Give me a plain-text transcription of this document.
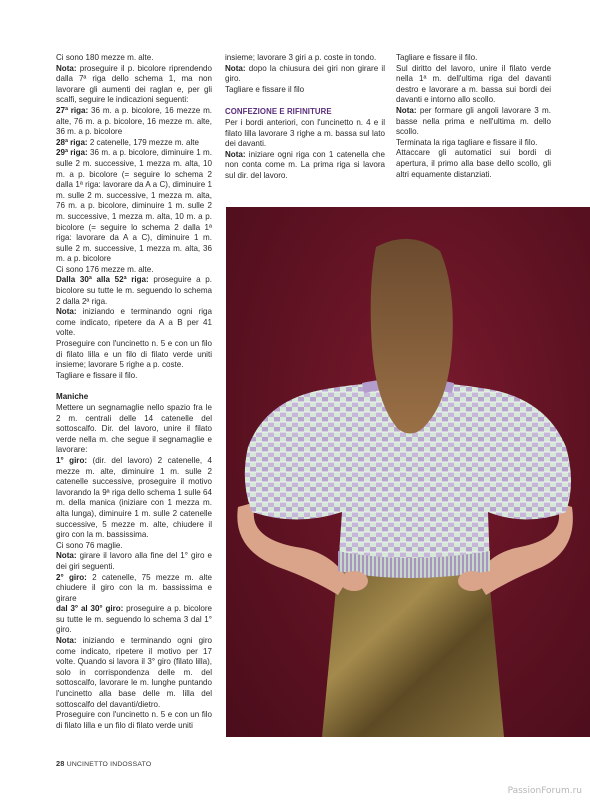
Ci sono 180 mezze m. alte.

Nota: proseguire il p. bicolore riprendendo dalla 7ª riga dello schema 1, ma non lavorare gli aumenti dei raglan e, per gli scalfi, seguire le indicazioni seguenti:

27ª riga: 36 m. a p. bicolore, 16 mezze m. alte, 76 m. a p. bicolore, 16 mezze m. alte, 36 m. a p. bicolore

28ª riga: 2 catenelle, 179 mezze m. alte

29ª riga: 36 m. a p. bicolore, diminuire 1 m. sulle 2 m. successive, 1 mezza m. alta, 10 m. a p. bicolore (= seguire lo schema 2 dalla 1ª riga: lavorare da A a C), diminuire 1 m. sulle 2 m. successive, 1 mezza m. alta, 76 m. a p. bicolore, diminuire 1 m. sulle 2 m. successive, 1 mezza m. alta, 10 m. a p. bicolore (= seguire lo schema 2 dalla 1ª riga: lavorare da A a C), diminuire 1 m. sulle 2 m. successive, 1 mezza m. alta, 36 m. a p. bicolore

Ci sono 176 mezze m. alte.

Dalla 30ª alla 52ª riga: proseguire a p. bicolore su tutte le m. seguendo lo schema 2 dalla 2ª riga.

Nota: iniziando e terminando ogni riga come indicato, ripetere da A a B per 41 volte.

Proseguire con l'uncinetto n. 5 e con un filo di filato lilla e un filo di filato verde uniti insieme; lavorare 5 righe a p. coste.

Tagliare e fissare il filo.

Maniche

Mettere un segnamaglie nello spazio fra le 2 m. centrali delle 14 catenelle del sottoscalfo. Dir. del lavoro, unire il filato verde nella m. che segue il segnamaglie e lavorare:

1° giro: (dir. del lavoro) 2 catenelle, 4 mezze m. alte, diminuire 1 m. sulle 2 catenelle successive, proseguire il motivo lavorando la 9ª riga dello schema 1 sulle 64 m. della manica (iniziare con 1 mezza m. alta lunga), diminuire 1 m. sulle 2 catenelle successive, 5 mezze m. alte, chiudere il giro con la m. bassissima.

Ci sono 76 maglie.

Nota: girare il lavoro alla fine del 1° giro e dei giri seguenti.

2° giro: 2 catenelle, 75 mezze m. alte chiudere il giro con la m. bassissima e girare

dal 3° al 30° giro: proseguire a p. bicolore su tutte le m. seguendo lo schema 3 dal 1° giro.

Nota: iniziando e terminando ogni giro come indicato, ripetere il motivo per 17 volte. Quando si lavora il 3° giro (filato lilla), solo in corrispondenza delle m. del sottoscalfo, lavorare le m. lunghe puntando l'uncinetto alla base delle m. lilla del sottoscalfo del davanti/dietro.

Proseguire con l'uncinetto n. 5 e con un filo di filato lilla e un filo di filato verde uniti

insieme; lavorare 3 giri a p. coste in tondo.

Nota: dopo la chiusura dei giri non girare il giro.

Tagliare e fissare il filo

CONFEZIONE E RIFINITURE

Per i bordi anteriori, con l'uncinetto n. 4 e il filato lilla lavorare 3 righe a m. bassa sul lato dei davanti.

Nota: iniziare ogni riga con 1 catenella che non conta come m. La prima riga si lavora sul dir. del lavoro.

Tagliare e fissare il filo.

Sul diritto del lavoro, unire il filato verde nella 1ª m. dell'ultima riga del davanti destro e lavorare a m. bassa sui bordi dei davanti e intorno allo scollo.

Nota: per formare gli angoli lavorare 3 m. basse nella prima e nell'ultima m. dello scollo.

Terminata la riga tagliare e fissare il filo.

Attaccare gli automatici sui bordi di apertura, il primo alla base dello scollo, gli altri equamente distanziati.

28 UNCINETTO INDOSSATO
PassionForum.ru
